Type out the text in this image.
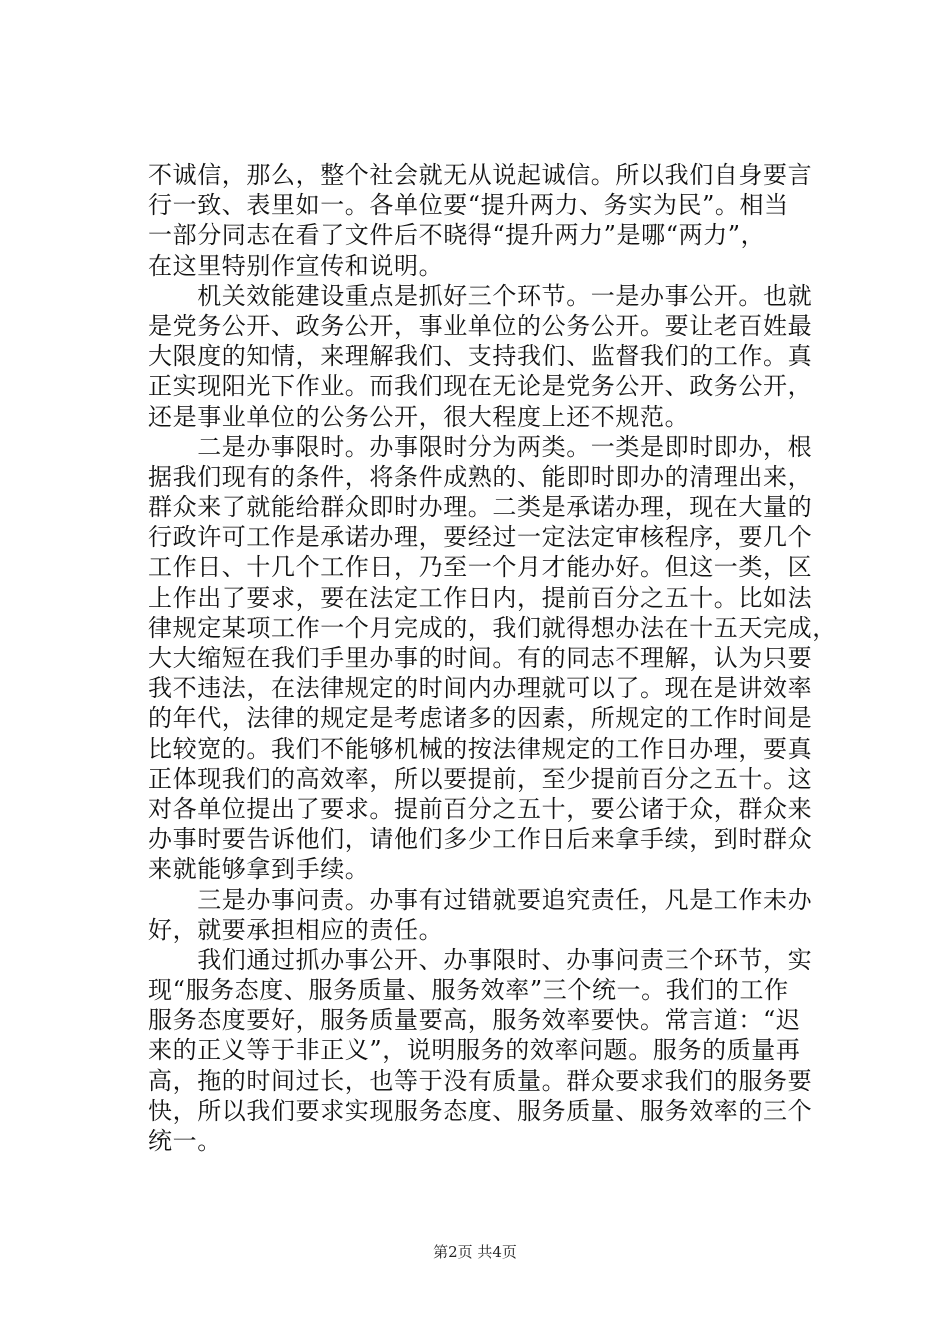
不诚信，那么，整个社会就无从说起诚信。所以我们自身要言
行一致、表里如一。各单位要“提升两力、务实为民”。相当
一部分同志在看了文件后不晓得“提升两力”是哪“两力”，
在这里特别作宣传和说明。
　　机关效能建设重点是抓好三个环节。一是办事公开。也就
是党务公开、政务公开，事业单位的公务公开。要让老百姓最
大限度的知情，来理解我们、支持我们、监督我们的工作。真
正实现阳光下作业。而我们现在无论是党务公开、政务公开，
还是事业单位的公务公开，很大程度上还不规范。
　　二是办事限时。办事限时分为两类。一类是即时即办，根
据我们现有的条件，将条件成熟的、能即时即办的清理出来，
群众来了就能给群众即时办理。二类是承诺办理，现在大量的
行政许可工作是承诺办理，要经过一定法定审核程序，要几个
工作日、十几个工作日，乃至一个月才能办好。但这一类，区
上作出了要求，要在法定工作日内，提前百分之五十。比如法
律规定某项工作一个月完成的，我们就得想办法在十五天完成，
大大缩短在我们手里办事的时间。有的同志不理解，认为只要
我不违法，在法律规定的时间内办理就可以了。现在是讲效率
的年代，法律的规定是考虑诸多的因素，所规定的工作时间是
比较宽的。我们不能够机械的按法律规定的工作日办理，要真
正体现我们的高效率，所以要提前，至少提前百分之五十。这
对各单位提出了要求。提前百分之五十，要公诸于众，群众来
办事时要告诉他们，请他们多少工作日后来拿手续，到时群众
来就能够拿到手续。
　　三是办事问责。办事有过错就要追究责任，凡是工作未办
好，就要承担相应的责任。
　　我们通过抓办事公开、办事限时、办事问责三个环节，实
现“服务态度、服务质量、服务效率”三个统一。我们的工作
服务态度要好，服务质量要高，服务效率要快。常言道：“迟
来的正义等于非正义”，说明服务的效率问题。服务的质量再
高，拖的时间过长，也等于没有质量。群众要求我们的服务要
快，所以我们要求实现服务态度、服务质量、服务效率的三个
统一。
第2页 共4页
